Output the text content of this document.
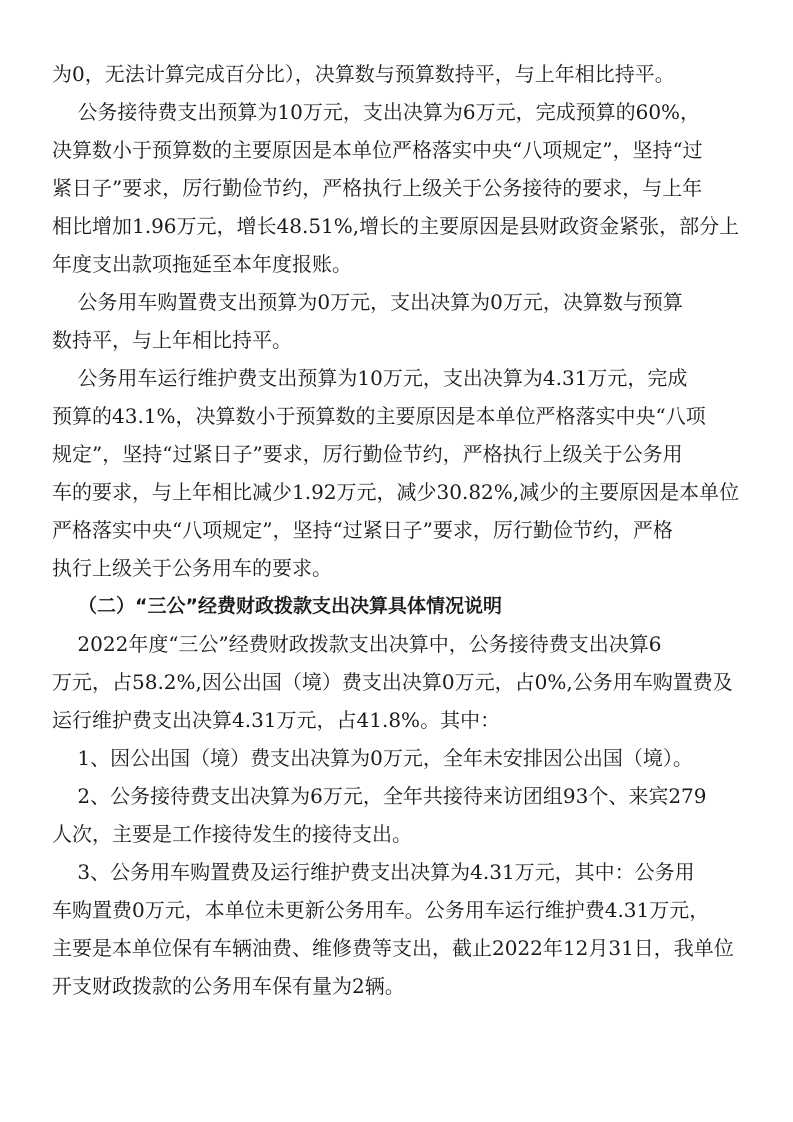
为0，无法计算完成百分比），决算数与预算数持平，与上年相比持平。

公务接待费支出预算为10万元，支出决算为6万元，完成预算的60%，
决算数小于预算数的主要原因是本单位严格落实中央“八项规定”，坚持“过
紧日子”要求，厉行勤俭节约，严格执行上级关于公务接待的要求，与上年
相比增加1.96万元，增长48.51%,增长的主要原因是县财政资金紧张，部分上
年度支出款项拖延至本年度报账。

公务用车购置费支出预算为0万元，支出决算为0万元，决算数与预算
数持平，与上年相比持平。

公务用车运行维护费支出预算为10万元，支出决算为4.31万元，完成
预算的43.1%，决算数小于预算数的主要原因是本单位严格落实中央“八项
规定”，坚持“过紧日子”要求，厉行勤俭节约，严格执行上级关于公务用
车的要求，与上年相比减少1.92万元，减少30.82%,减少的主要原因是本单位
严格落实中央“八项规定”，坚持“过紧日子”要求，厉行勤俭节约，严格
执行上级关于公务用车的要求。

（二）“三公”经费财政拨款支出决算具体情况说明

2022年度“三公”经费财政拨款支出决算中，公务接待费支出决算6
万元，占58.2%,因公出国（境）费支出决算0万元，占0%,公务用车购置费及
运行维护费支出决算4.31万元，占41.8%。其中：

1、因公出国（境）费支出决算为0万元，全年未安排因公出国（境）。

2、公务接待费支出决算为6万元，全年共接待来访团组93个、来宾279
人次，主要是工作接待发生的接待支出。

3、公务用车购置费及运行维护费支出决算为4.31万元，其中：公务用
车购置费0万元，本单位未更新公务用车。公务用车运行维护费4.31万元，
主要是本单位保有车辆油费、维修费等支出，截止2022年12月31日，我单位
开支财政拨款的公务用车保有量为2辆。
